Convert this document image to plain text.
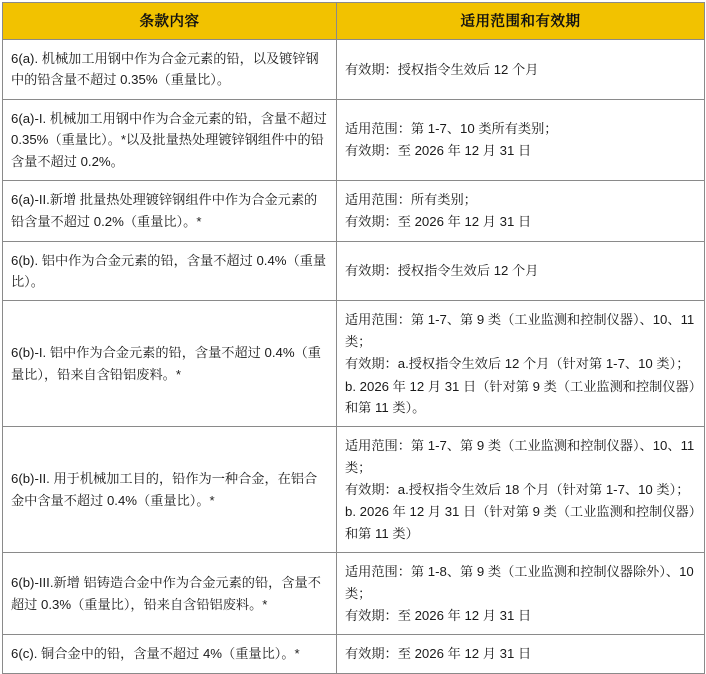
条款内容	适用范围和有效期
6(a). 机械加工用钢中作为合金元素的铅，以及镀锌钢中的铅含量不超过 0.35%（重量比）。	有效期：授权指令生效后 12 个月

6(a)-I. 机械加工用钢中作为合金元素的铅，含量不超过 0.35%（重量比）。*以及批量热处理镀锌钢组件中的铅含量不超过 0.2%。	适用范围：第 1-7、10 类所有类别；

有效期：至 2026 年 12 月 31 日

6(a)-II.新增 批量热处理镀锌钢组件中作为合金元素的铅含量不超过 0.2%（重量比）。*	适用范围：所有类别；

有效期：至 2026 年 12 月 31 日

6(b). 铝中作为合金元素的铅，含量不超过 0.4%（重量比）。	有效期：授权指令生效后 12 个月

6(b)-I. 铝中作为合金元素的铅，含量不超过 0.4%（重量比），铅来自含铅铝废料。*	适用范围：第 1-7、第 9 类（工业监测和控制仪器）、10、11 类；

有效期：a.授权指令生效后 12 个月（针对第 1-7、10 类）；

b. 2026 年 12 月 31 日（针对第 9 类（工业监测和控制仪器）和第 11 类）。

6(b)-II. 用于机械加工目的，铅作为一种合金，在铝合金中含量不超过 0.4%（重量比）。*	适用范围：第 1-7、第 9 类（工业监测和控制仪器）、10、11 类；

有效期：a.授权指令生效后 18 个月（针对第 1-7、10 类）；

b. 2026 年 12 月 31 日（针对第 9 类（工业监测和控制仪器）和第 11 类）

6(b)-III.新增 铝铸造合金中作为合金元素的铅，含量不超过 0.3%（重量比），铅来自含铅铝废料。*	适用范围：第 1-8、第 9 类（工业监测和控制仪器除外）、10 类；

有效期：至 2026 年 12 月 31 日

6(c). 铜合金中的铅，含量不超过 4%（重量比）。*	有效期：至 2026 年 12 月 31 日
